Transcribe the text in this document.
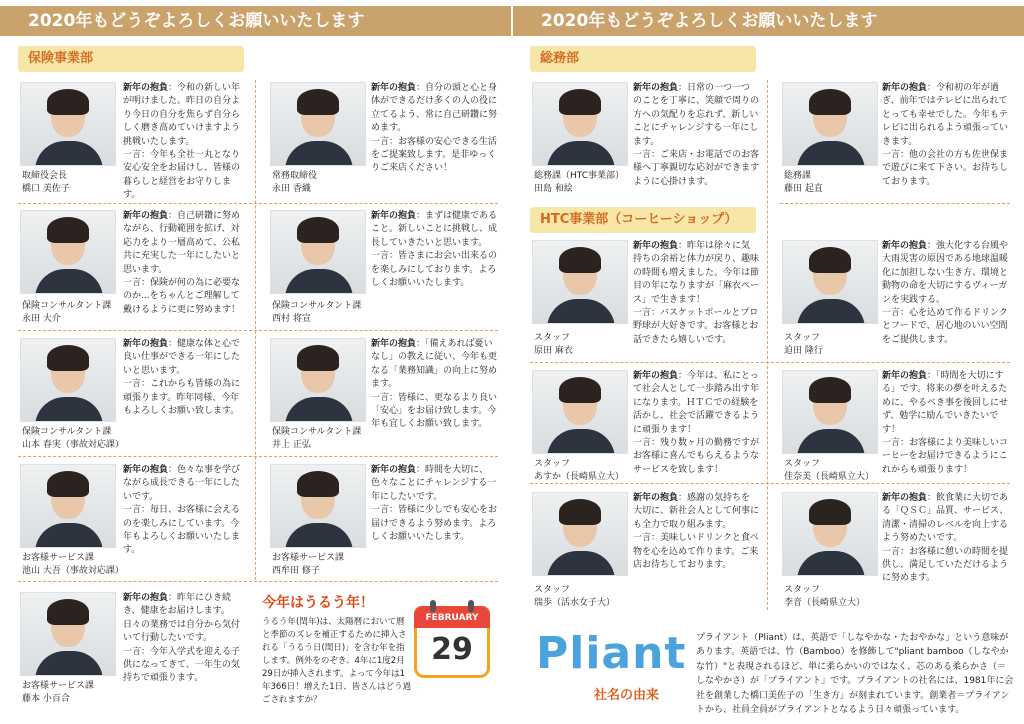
2020年もどうぞよろしくお願いいたします	2020年もどうぞよろしくお願いいたします
保険事業部	総務部
HTC事業部（コーヒーショップ）
取締役会長
橋口 美佐子
新年の抱負：令和の新しい年が明けました。昨日の自分より今日の自分を焦らず自分らしく磨き高めていけますよう挑戦いたします。
一言：今年も全社一丸となり安心安全をお届けし、皆様の暮らしと経営をお守りします。
常務取締役
永田 香織
新年の抱負：自分の頭と心と身体ができるだけ多くの人の役に立てるよう、常に自己研鑽に努めます。
一言：お客様の安心できる生活をご提案致します。是非ゆっくりご来店ください！
保険コンサルタント課
永田 大介
新年の抱負：自己研鑽に努めながら、行動範囲を拡げ、対応力をより一層高めて、公私共に充実した一年にしたいと思います。
一言：保険が何の為に必要なのか...をちゃんとご理解して戴けるように更に努めます！	保険コンサルタント課
西村 将宣
新年の抱負：まずは健康であること。新しいことに挑戦し、成長していきたいと思います。
一言：皆さまにお会い出来るのを楽しみにしております。よろしくお願いいたします。
保険コンサルタント課
山本 春実（事故対応課）
新年の抱負：健康な体と心で良い仕事ができる一年にしたいと思います。
一言：これからも皆様の為に頑張ります。昨年同様、今年もよろしくお願い致します。
保険コンサルタント課
井上 正弘
新年の抱負：「備えあれば憂いなし」の教えに従い、今年も更なる「業務知識」の向上に努めます。
一言：皆様に、更なるより良い「安心」をお届け致します。今年も宜しくお願い致します。
お客様サービス課
池山 大吾（事故対応課）
新年の抱負：色々な事を学びながら成長できる一年にしたいです。
一言：毎日、お客様に会えるのを楽しみにしています。今年もよろしくお願いいたします。
お客様サービス課
西牟田 修子
新年の抱負：時間を大切に、色々なことにチャレンジする一年にしたいです。
一言：皆様に少しでも安心をお届けできるよう努めます。よろしくお願いいたします。
お客様サービス課
藤本 小百合
新年の抱負：昨年にひき続き、健康をお届けします。日々の業務では自分から気付いて行動したいです。
一言：今年入学式を迎える子供になってきて、一年生の気持ちで頑張ります。
今年はうるう年！
うるう年(閏年)は、太陽暦において暦と季節のズレを補正するために挿入される「うるう日(閏日)」を含む年を指します。例外をのぞき、4年に1度2月29日が挿入されます。よって今年は1年366日！増えた1日、皆さんはどう過ごされますか？
FEBRUARY
29
総務課（HTC事業部）
田島 和絵
新年の抱負：日常の一つ一つのことを丁寧に、笑顔で周りの方への気配りを忘れず、新しいことにチャレンジする一年にします。
一言：ご来店・お電話でのお客様へ丁寧親切な応対ができますように心掛けます。
総務課
藤田 起直
新年の抱負：令和初の年が過ぎ、前年ではテレビに出られてとっても幸せでした。今年もテレビに出られるよう頑張っていきます。
一言：他の会社の方も佐世保まで遊びに来て下さい。お待ちしております。
スタッフ
原田 麻衣
新年の抱負：昨年は徐々に気持ちの余裕と体力が戻り、趣味の時間も増えました。今年は節目の年になりますが「麻衣ペース」で生きます！
一言：バスケットボールとプロ野球が大好きです。お客様とお話できたら嬉しいです。	スタッフ
迫田 隆行
新年の抱負：強大化する台風や大雨災害の原因である地球温暖化に加担しない生き方、環境と動物の命を大切にするヴィーガンを実践する。
一言：心を込めて作るドリンクとフードで、居心地のいい空間をご提供します。
スタッフ
あすか（長崎県立大）
新年の抱負：今年は、私にとって社会人として一歩踏み出す年になります。ＨＴＣでの経験を活かし、社会で活躍できるように頑張ります！
一言：残り数ヶ月の勤務ですがお客様に喜んでもらえるようなサービスを致します！
スタッフ
佳奈美（長崎県立大）
新年の抱負：「時間を大切にする」です。将来の夢を叶えるために、やるべき事を後回しにせず、勉学に励んでいきたいです！
一言：お客様により美味しいコーヒーをお届けできるようにこれからも頑張ります！
スタッフ
瑞歩（活水女子大）
新年の抱負：感謝の気持ちを大切に、新社会人として何事にも全力で取り組みます。
一言：美味しいドリンクと食べ物を心を込めて作ります。ご来店お待ちしております。
スタッフ
李音（長崎県立大）
新年の抱負：飲食業に大切である「ＱＳＣ」品質、サービス、清潔・清掃のレベルを向上するよう努めたいです。
一言：お客様に憩いの時間を提供し、満足していただけるように努めます。
Pliant
社名の由来
プライアント（Pliant）は、英語で「しなやかな・たおやかな」という意味があります。英語では、竹（Bamboo）を修飾して"pliant bamboo（しなやかな竹）"と表現されるほど、単に柔らかいのではなく、芯のある柔らかさ（＝しなやかさ）が「プライアント」です。プライアントの社名には、1981年に会社を創業した橋口美佐子の「生き方」が刻まれています。創業者＝プライアントから、社員全員がプライアントとなるよう日々頑張っています。
